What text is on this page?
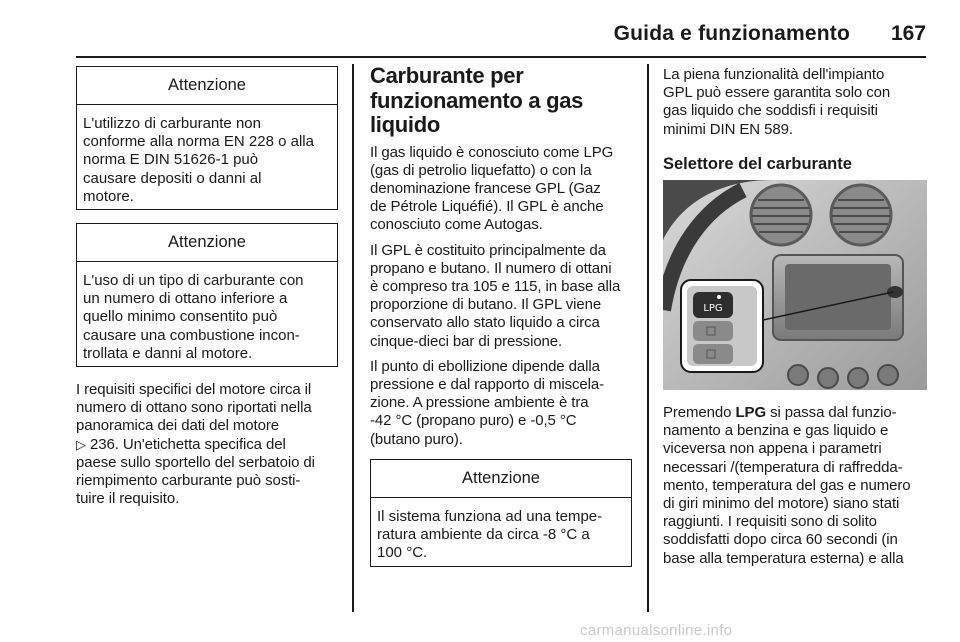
Guida e funzionamento	167
Attenzione
L'utilizzo di carburante non
conforme alla norma EN 228 o alla
norma E DIN 51626-1 può
causare depositi o danni al
motore.
Attenzione
L'uso di un tipo di carburante con
un numero di ottano inferiore a
quello minimo consentito può
causare una combustione incon-
trollata e danni al motore.
I requisiti specifici del motore circa il
numero di ottano sono riportati nella
panoramica dei dati del motore
▷ 236. Un'etichetta specifica del
paese sullo sportello del serbatoio di
riempimento carburante può sosti-
tuire il requisito.
Carburante per
funzionamento a gas liquido
Il gas liquido è conosciuto come LPG
(gas di petrolio liquefatto) o con la
denominazione francese GPL (Gaz
de Pétrole Liquéfié). Il GPL è anche
conosciuto come Autogas.
Il GPL è costituito principalmente da
propano e butano. Il numero di ottani
è compreso tra 105 e 115, in base alla
proporzione di butano. Il GPL viene
conservato allo stato liquido a circa
cinque-dieci bar di pressione.
Il punto di ebollizione dipende dalla
pressione e dal rapporto di miscela-
zione. A pressione ambiente è tra
-42 °C (propano puro) e -0,5 °C
(butano puro).
Attenzione
Il sistema funziona ad una tempe-
ratura ambiente da circa -8 °C a
100 °C.
La piena funzionalità dell'impianto
GPL può essere garantita solo con
gas liquido che soddisfi i requisiti
minimi DIN EN 589.
Selettore del carburante
LPG
Premendo LPG si passa dal funzio-
namento a benzina e gas liquido e
viceversa non appena i parametri
necessari /(temperatura di raffredda-
mento, temperatura del gas e numero
di giri minimo del motore) siano stati
raggiunti. I requisiti sono di solito
soddisfatti dopo circa 60 secondi (in
base alla temperatura esterna) e alla
carmanualsonline.info
